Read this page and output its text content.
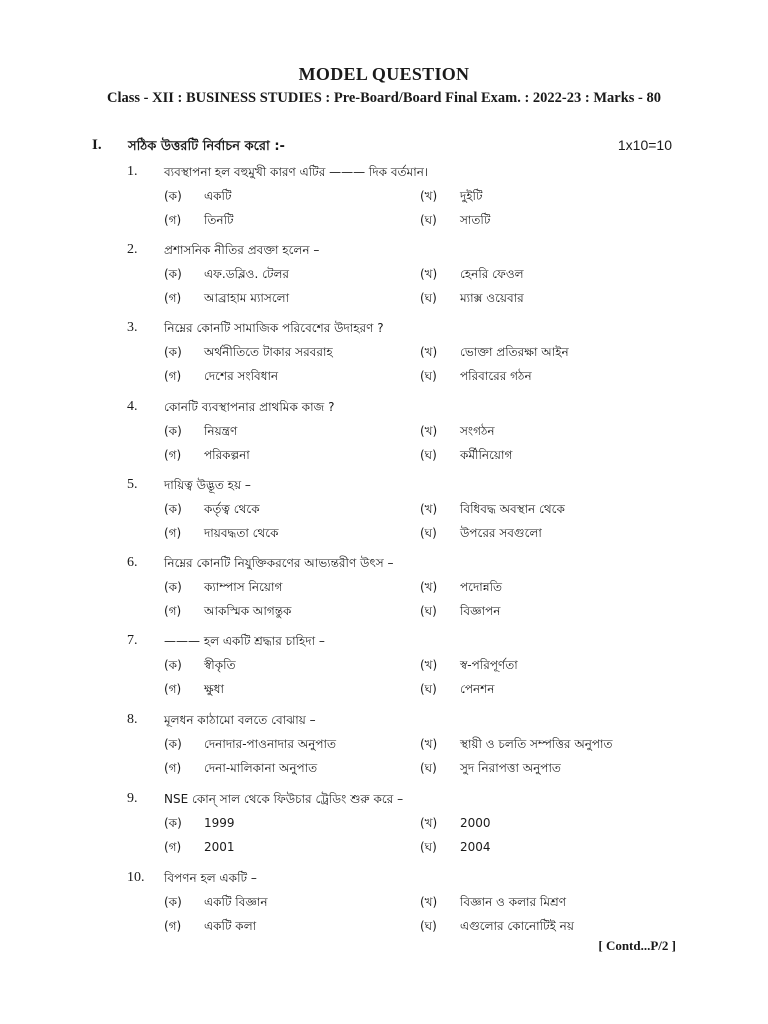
MODEL QUESTION
Class - XII : BUSINESS STUDIES : Pre-Board/Board Final Exam. : 2022-23 : Marks - 80
I. সঠিক উত্তরটি নির্বাচন করো :-	1x10=10
1. ব্যবস্থাপনা হল বহুমুখী কারণ এটির ——— দিক বর্তমান।
(ক) একটি	(খ) দুইটি
(গ) তিনটি	(ঘ) সাতটি
2. প্রশাসনিক নীতির প্রবক্তা হলেন –
(ক) এফ.ডব্লিও. টেলর	(খ) হেনরি ফেওল
(গ) আব্রাহাম ম্যাসলো	(ঘ) ম্যাক্স ওয়েবার
3. নিম্নের কোনটি সামাজিক পরিবেশের উদাহরণ ?
(ক) অর্থনীতিতে টাকার সরবরাহ	(খ) ভোক্তা প্রতিরক্ষা আইন
(গ) দেশের সংবিধান	(ঘ) পরিবারের গঠন
4. কোনটি ব্যবস্থাপনার প্রাথমিক কাজ ?
(ক) নিয়ন্ত্রণ	(খ) সংগঠন
(গ) পরিকল্পনা	(ঘ) কর্মীনিয়োগ
5. দায়িত্ব উদ্ভূত হয় –
(ক) কর্তৃত্ব থেকে	(খ) বিধিবদ্ধ অবস্থান থেকে
(গ) দায়বদ্ধতা থেকে	(ঘ) উপরের সবগুলো
6. নিম্নের কোনটি নিযুক্তিকরণের আভ্যন্তরীণ উৎস –
(ক) ক্যাম্পাস নিয়োগ	(খ) পদোন্নতি
(গ) আকস্মিক আগন্তুক	(ঘ) বিজ্ঞাপন
7. ——— হল একটি শ্রদ্ধার চাহিদা –
(ক) স্বীকৃতি	(খ) স্ব-পরিপূর্ণতা
(গ) ক্ষুধা	(ঘ) পেনশন
8. মূলধন কাঠামো বলতে বোঝায় –
(ক) দেনাদার-পাওনাদার অনুপাত	(খ) স্থায়ী ও চলতি সম্পত্তির অনুপাত
(গ) দেনা-মালিকানা অনুপাত	(ঘ) সুদ নিরাপত্তা অনুপাত
9. NSE কোন্ সাল থেকে ফিউচার ট্রেডিং শুরু করে –
(ক) 1999	(খ) 2000
(গ) 2001	(ঘ) 2004
10. বিপণন হল একটি –
(ক) একটি বিজ্ঞান	(খ) বিজ্ঞান ও কলার মিশ্রণ
(গ) একটি কলা	(ঘ) এগুলোর কোনোটিই নয়
[ Contd...P/2 ]
